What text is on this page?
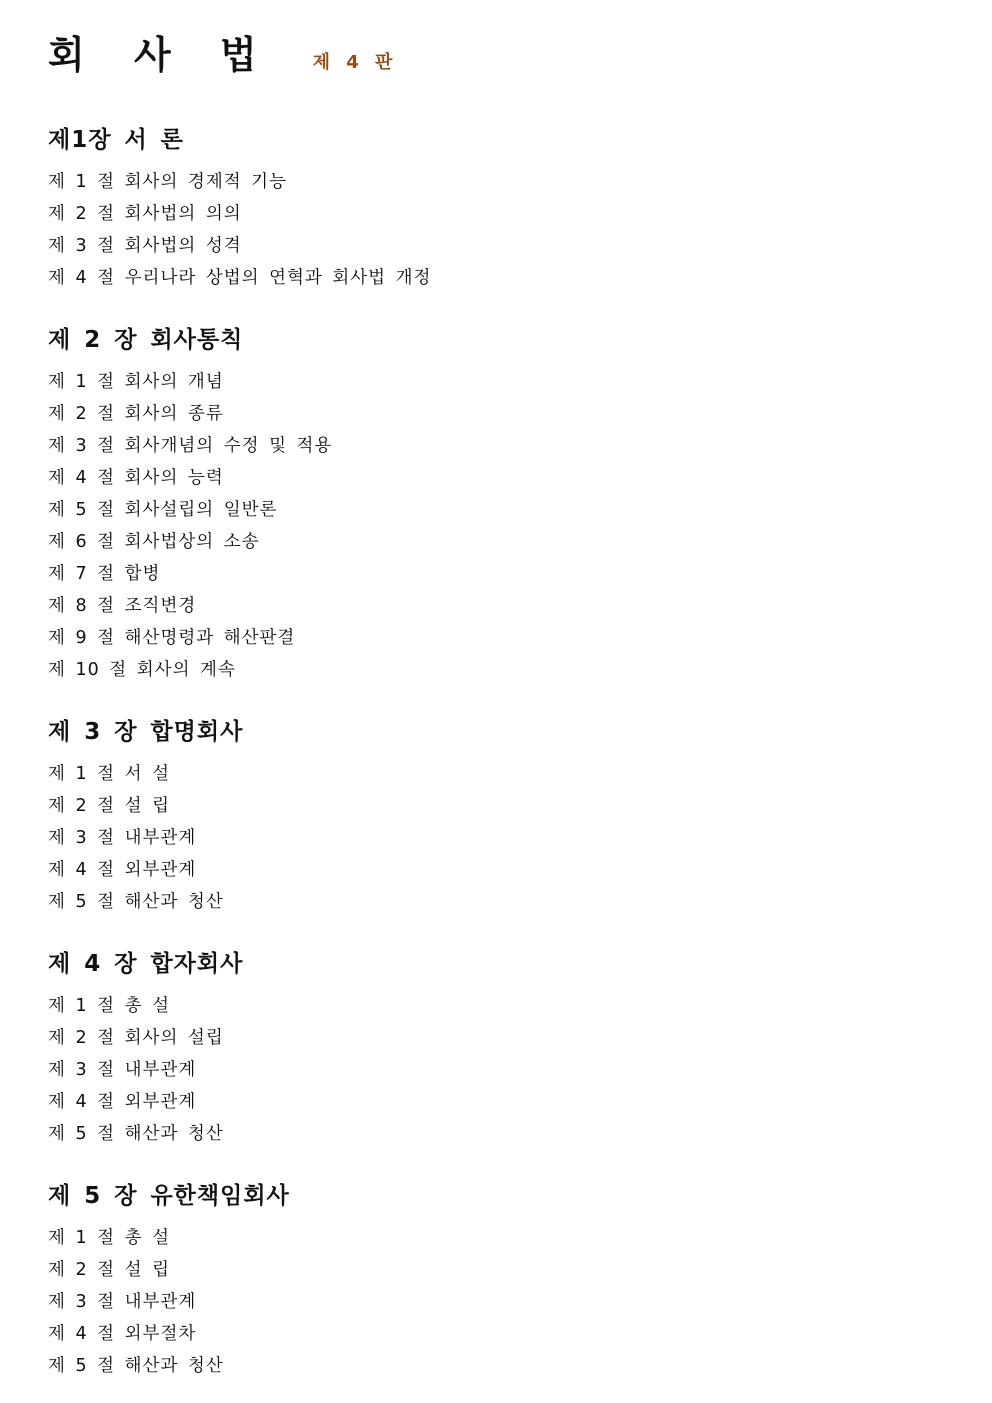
회 사 법 제 4 판
제1장 서 론
제 1 절 회사의 경제적 기능
제 2 절 회사법의 의의
제 3 절 회사법의 성격
제 4 절 우리나라 상법의 연혁과 회사법 개정
제 2 장 회사통칙
제 1 절 회사의 개념
제 2 절 회사의 종류
제 3 절 회사개념의 수정 및 적용
제 4 절 회사의 능력
제 5 절 회사설립의 일반론
제 6 절 회사법상의 소송
제 7 절 합병
제 8 절 조직변경
제 9 절 해산명령과 해산판결
제 10 절 회사의 계속
제 3 장 합명회사
제 1 절 서 설
제 2 절 설 립
제 3 절 내부관계
제 4 절 외부관계
제 5 절 해산과 청산
제 4 장 합자회사
제 1 절 총 설
제 2 절 회사의 설립
제 3 절 내부관계
제 4 절 외부관계
제 5 절 해산과 청산
제 5 장 유한책임회사
제 1 절 총 설
제 2 절 설 립
제 3 절 내부관계
제 4 절 외부절차
제 5 절 해산과 청산
